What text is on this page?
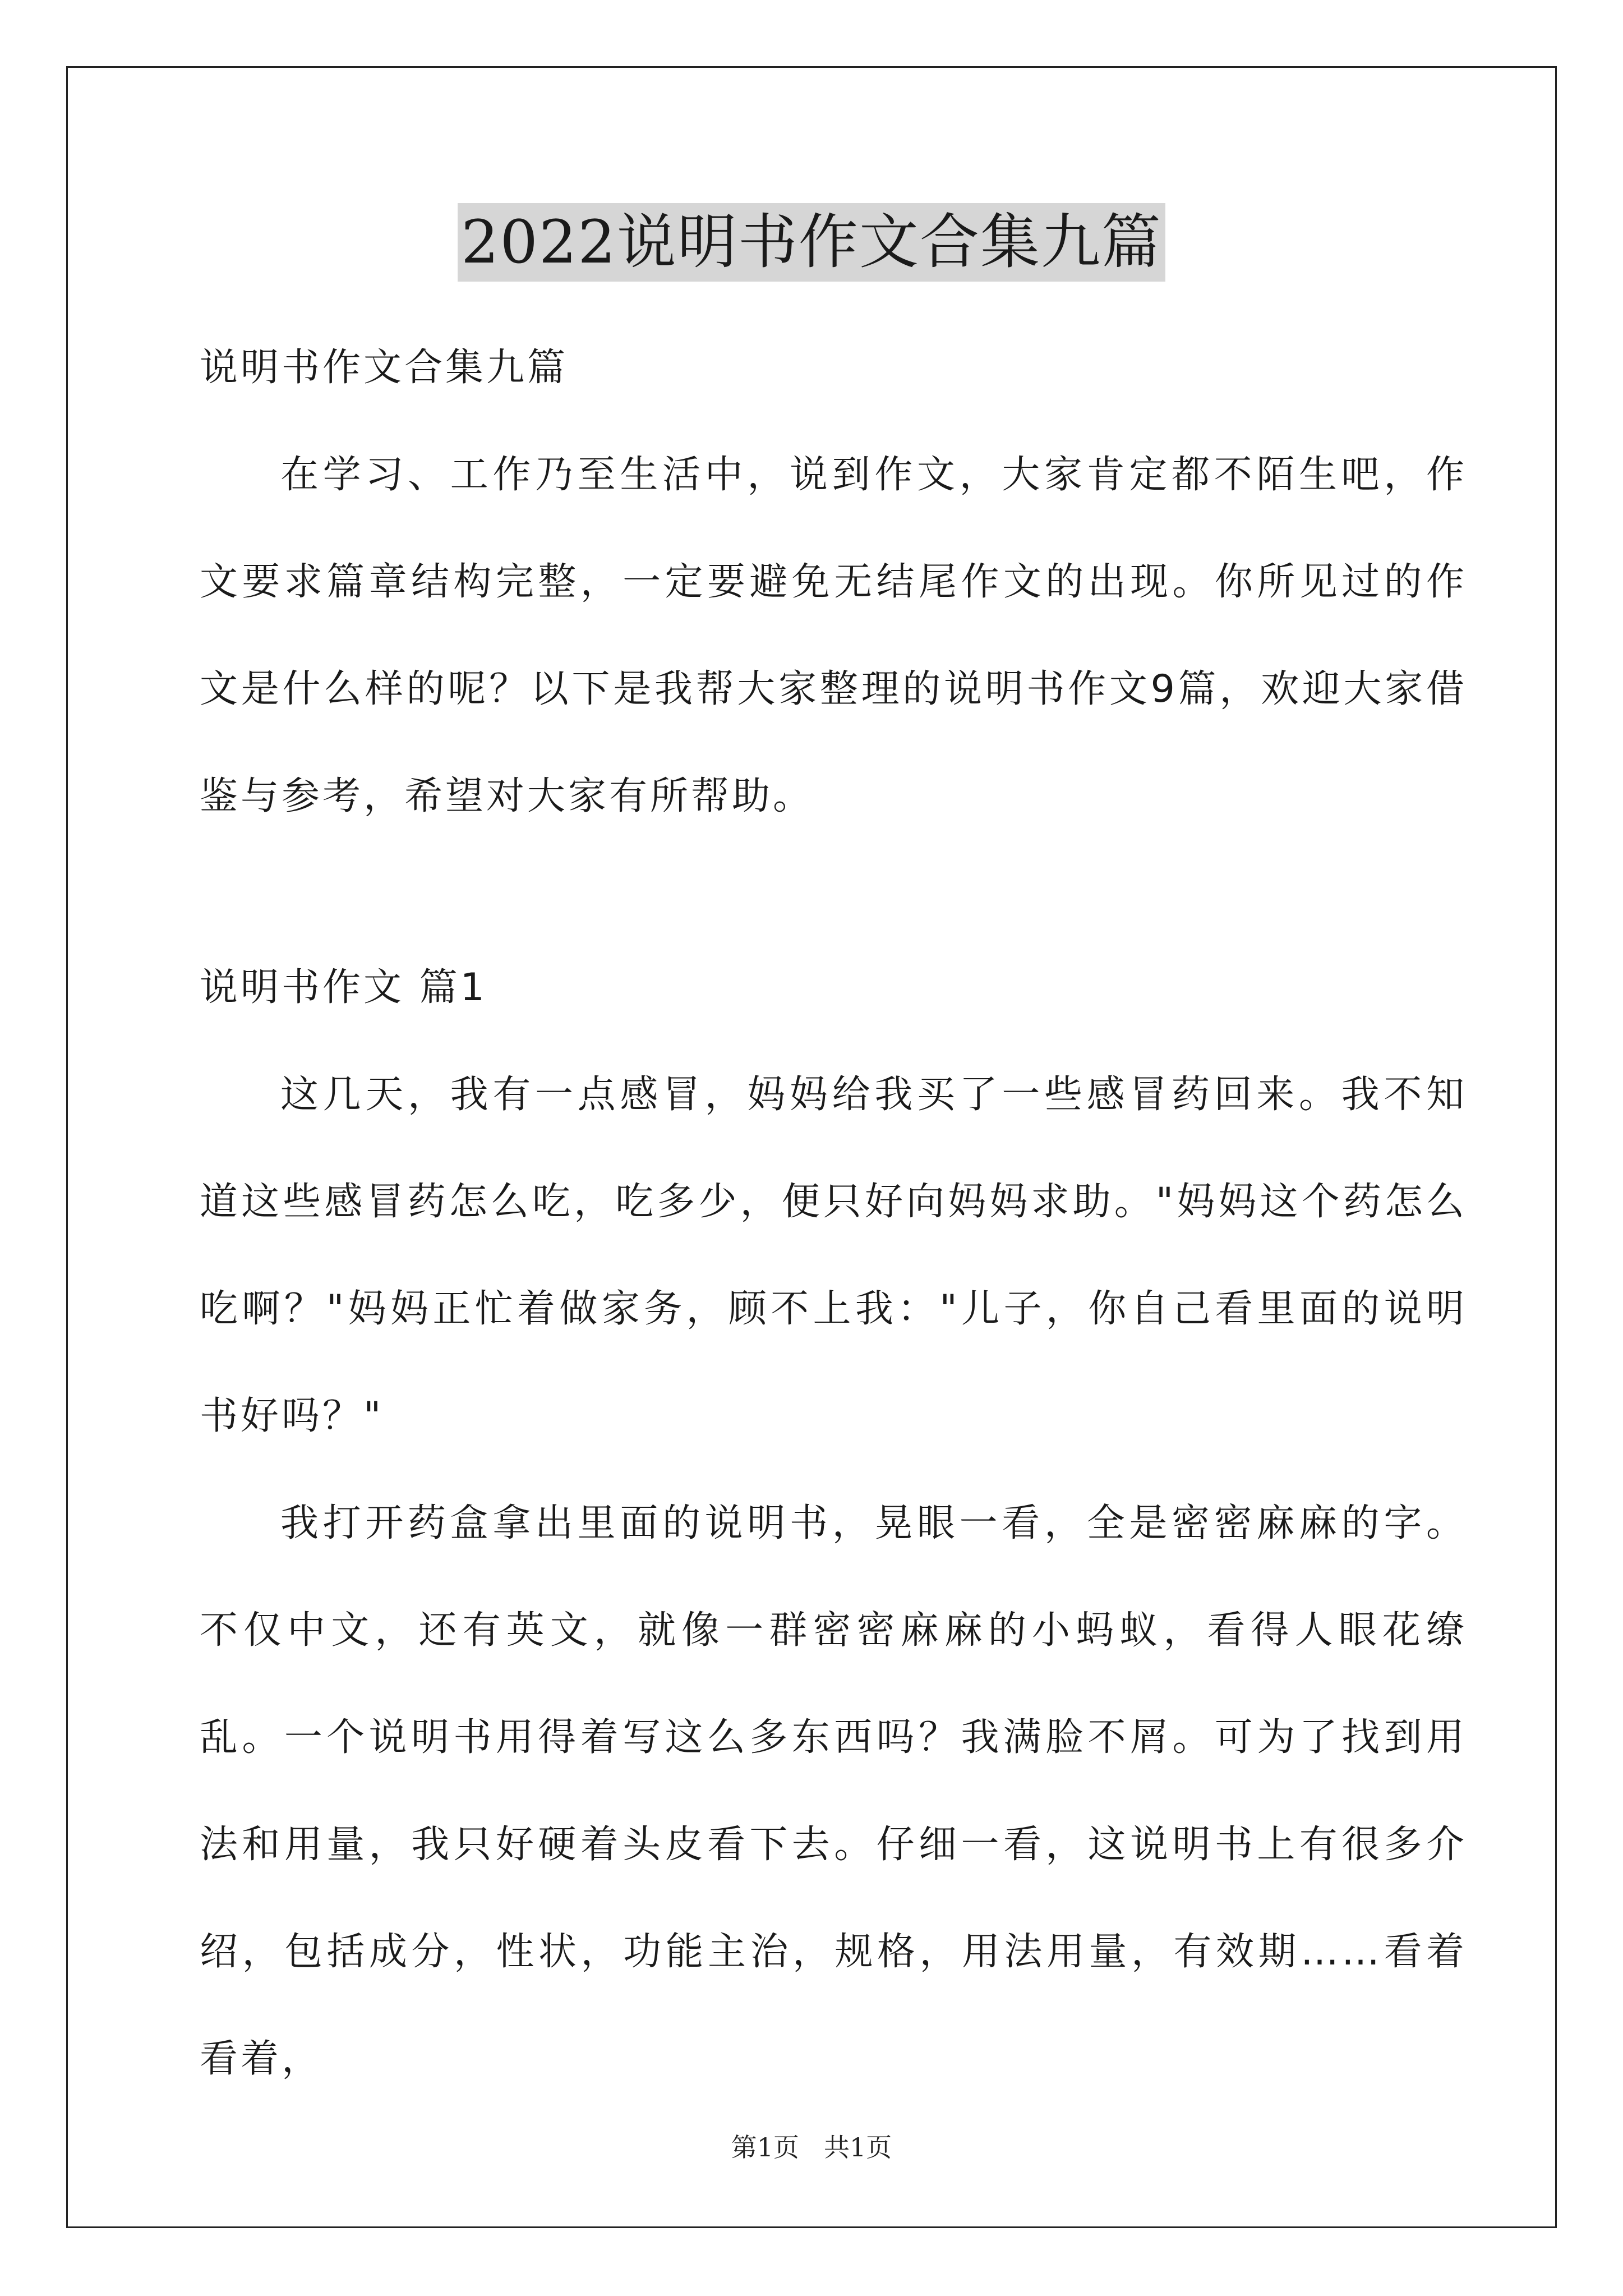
2022说明书作文合集九篇

说明书作文合集九篇

在学习、工作乃至生活中，说到作文，大家肯定都不陌生吧，作文要求篇章结构完整，一定要避免无结尾作文的出现。你所见过的作文是什么样的呢？以下是我帮大家整理的说明书作文9篇，欢迎大家借鉴与参考，希望对大家有所帮助。

说明书作文 篇1

这几天，我有一点感冒，妈妈给我买了一些感冒药回来。我不知道这些感冒药怎么吃，吃多少，便只好向妈妈求助。"妈妈这个药怎么吃啊？"妈妈正忙着做家务，顾不上我："儿子，你自己看里面的说明书好吗？"

我打开药盒拿出里面的说明书，晃眼一看，全是密密麻麻的字。不仅中文，还有英文，就像一群密密麻麻的小蚂蚁，看得人眼花缭乱。一个说明书用得着写这么多东西吗？我满脸不屑。可为了找到用法和用量，我只好硬着头皮看下去。仔细一看，这说明书上有很多介绍，包括成分，性状，功能主治，规格，用法用量，有效期……看着看着，

第1页 共1页
